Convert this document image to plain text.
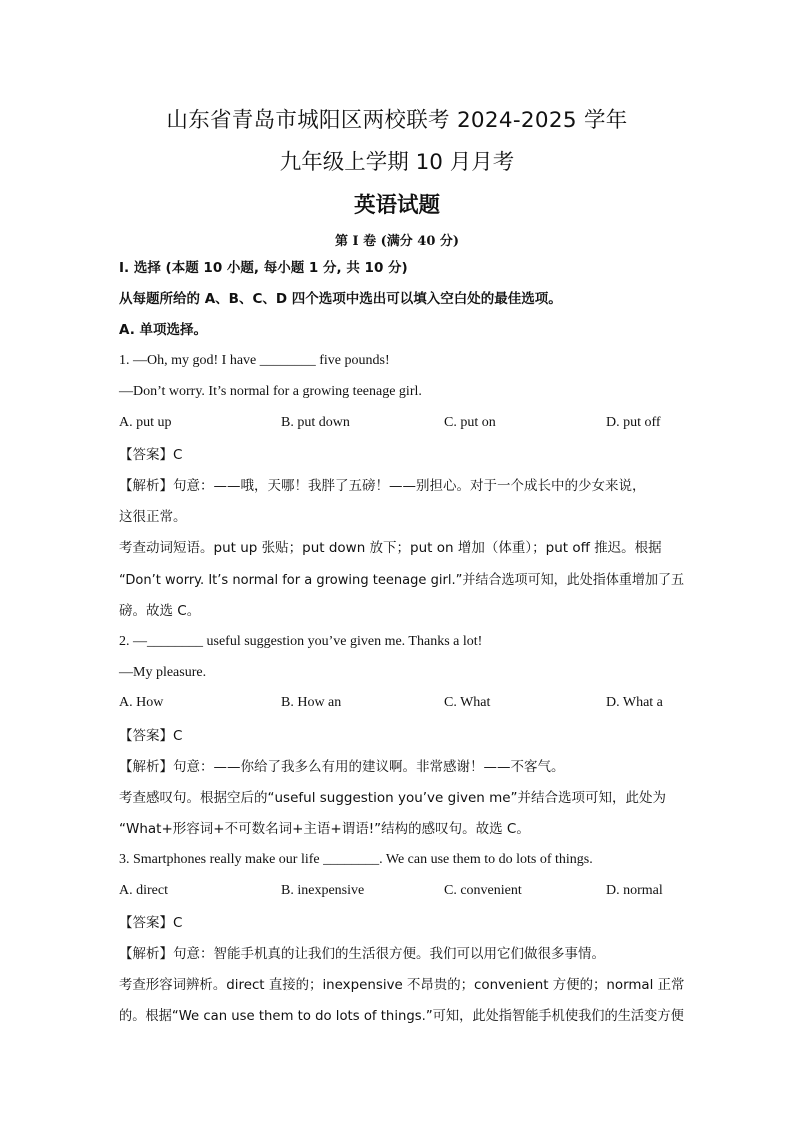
山东省青岛市城阳区两校联考 2024-2025 学年
九年级上学期 10 月月考
英语试题
第 I 卷 (满分 40 分)
Ⅰ. 选择 (本题 10 小题, 每小题 1 分, 共 10 分)
从每题所给的 A、B、C、D 四个选项中选出可以填入空白处的最佳选项。
A. 单项选择。
1. —Oh, my god! I have ________ five pounds!
—Don’t worry. It’s normal for a growing teenage girl.
A. put up	B. put down	C. put on	D. put off
【答案】C
【解析】句意：——哦，天哪！我胖了五磅！——别担心。对于一个成长中的少女来说，
这很正常。
考查动词短语。put up 张贴；put down 放下；put on 增加（体重）；put off 推迟。根据
“Don’t worry. It’s normal for a growing teenage girl.”并结合选项可知，此处指体重增加了五
磅。故选 C。
2. —________ useful suggestion you’ve given me. Thanks a lot!
—My pleasure.
A. How	B. How an	C. What	D. What a
【答案】C
【解析】句意：——你给了我多么有用的建议啊。非常感谢！——不客气。
考查感叹句。根据空后的“useful suggestion you’ve given me”并结合选项可知，此处为
“What+形容词+不可数名词+主语+谓语!”结构的感叹句。故选 C。
3. Smartphones really make our life ________. We can use them to do lots of things.
A. direct	B. inexpensive	C. convenient	D. normal
【答案】C
【解析】句意：智能手机真的让我们的生活很方便。我们可以用它们做很多事情。
考查形容词辨析。direct 直接的；inexpensive 不昂贵的；convenient 方便的；normal 正常
的。根据“We can use them to do lots of things.”可知，此处指智能手机使我们的生活变方便
